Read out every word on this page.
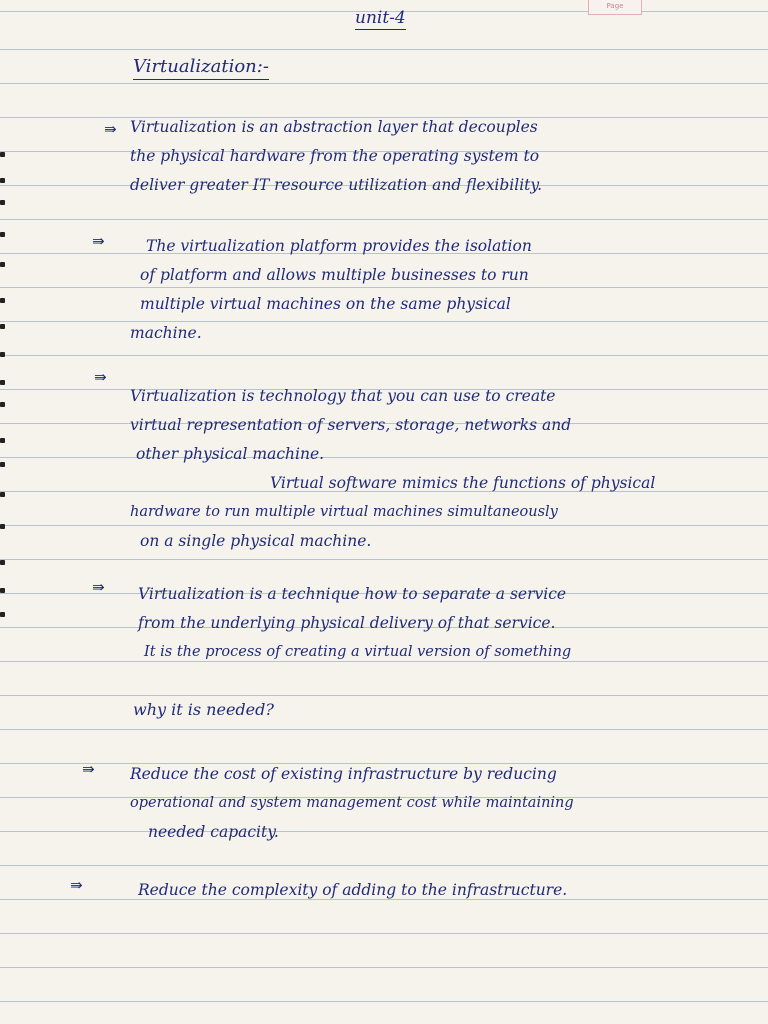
Page
unit-4
Virtualization:-
⇛ Virtualization is an abstraction layer that decouples
the physical hardware from the operating system to
deliver greater IT resource utilization and flexibility.
⇛	The virtualization platform provides the isolation
of platform and allows multiple businesses to run
multiple virtual machines on the same physical
machine.
⇛
Virtualization is technology that you can use to create
virtual representation of servers, storage, networks and
other physical machine.
Virtual software mimics the functions of physical
hardware to run multiple virtual machines simultaneously
on a single physical machine.
⇛	Virtualization is a technique how to separate a service
from the underlying physical delivery of that service.
It is the process of creating a virtual version of something
why it is needed?
⇛ Reduce the cost of existing infrastructure by reducing
operational and system management cost while maintaining
needed capacity.
⇛	Reduce the complexity of adding to the infrastructure.
